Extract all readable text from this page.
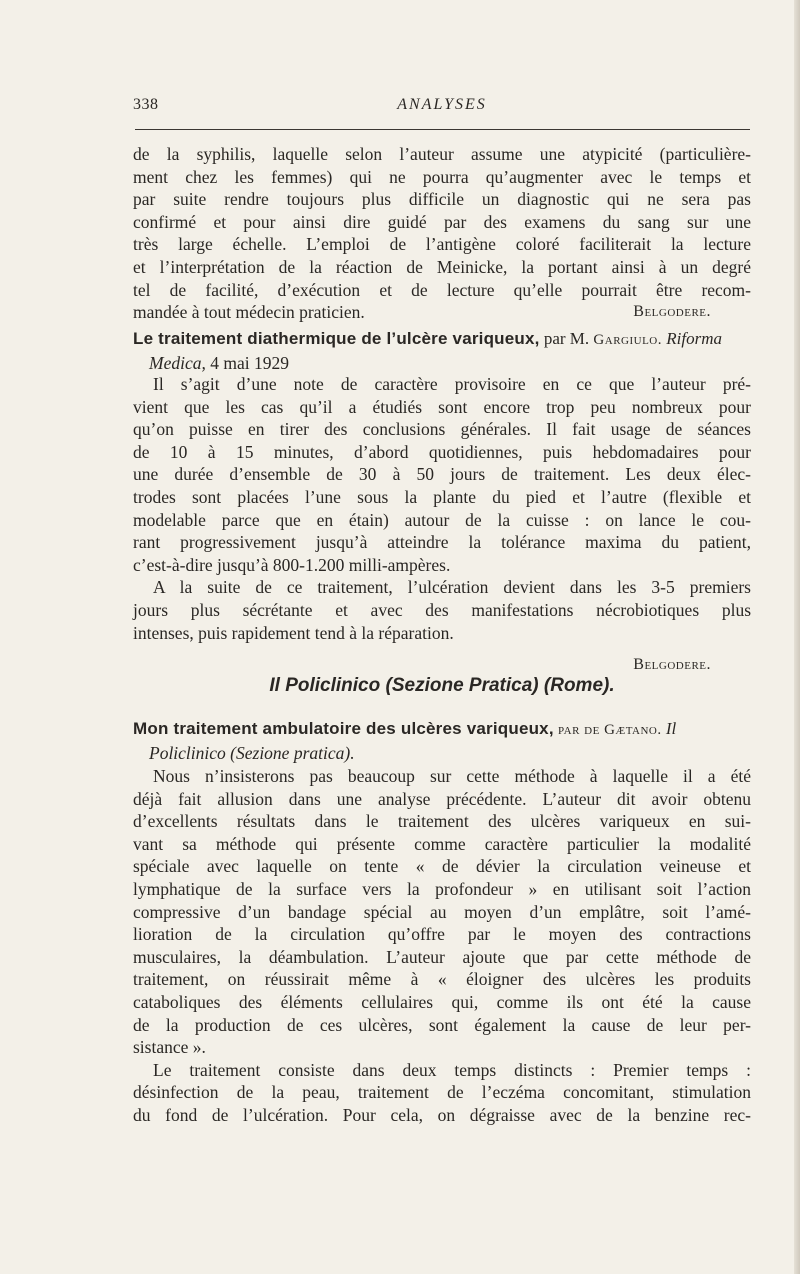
338	ANALYSES
de la syphilis, laquelle selon l’auteur assume une atypicité (particulière-
ment chez les femmes) qui ne pourra qu’augmenter avec le temps et
par suite rendre toujours plus difficile un diagnostic qui ne sera pas
confirmé et pour ainsi dire guidé par des examens du sang sur une
très large échelle. L’emploi de l’antigène coloré faciliterait la lecture
et l’interprétation de la réaction de Meinicke, la portant ainsi à un degré
tel de facilité, d’exécution et de lecture qu’elle pourrait être recom-
mandée à tout médecin praticien.	Belgodere.
Le traitement diathermique de l’ulcère variqueux, par M. Gargiulo. Riforma
Medica, 4 mai 1929
Il s’agit d’une note de caractère provisoire en ce que l’auteur pré-
vient que les cas qu’il a étudiés sont encore trop peu nombreux pour
qu’on puisse en tirer des conclusions générales. Il fait usage de séances
de 10 à 15 minutes, d’abord quotidiennes, puis hebdomadaires pour
une durée d’ensemble de 30 à 50 jours de traitement. Les deux élec-
trodes sont placées l’une sous la plante du pied et l’autre (flexible et
modelable parce que en étain) autour de la cuisse : on lance le cou-
rant progressivement jusqu’à atteindre la tolérance maxima du patient,
c’est-à-dire jusqu’à 800-1.200 milli-ampères.
A la suite de ce traitement, l’ulcération devient dans les 3-5 premiers
jours plus sécrétante et avec des manifestations nécrobiotiques plus
intenses, puis rapidement tend à la réparation.
Belgodere.
Il Policlinico (Sezione Pratica) (Rome).
Mon traitement ambulatoire des ulcères variqueux, par de Gætano. Il
Policlinico (Sezione pratica).
Nous n’insisterons pas beaucoup sur cette méthode à laquelle il a été
déjà fait allusion dans une analyse précédente. L’auteur dit avoir obtenu
d’excellents résultats dans le traitement des ulcères variqueux en sui-
vant sa méthode qui présente comme caractère particulier la modalité
spéciale avec laquelle on tente « de dévier la circulation veineuse et
lymphatique de la surface vers la profondeur » en utilisant soit l’action
compressive d’un bandage spécial au moyen d’un emplâtre, soit l’amé-
lioration de la circulation qu’offre par le moyen des contractions
musculaires, la déambulation. L’auteur ajoute que par cette méthode de
traitement, on réussirait même à « éloigner des ulcères les produits
cataboliques des éléments cellulaires qui, comme ils ont été la cause
de la production de ces ulcères, sont également la cause de leur per-
sistance ».
Le traitement consiste dans deux temps distincts : Premier temps :
désinfection de la peau, traitement de l’eczéma concomitant, stimulation
du fond de l’ulcération. Pour cela, on dégraisse avec de la benzine rec-
